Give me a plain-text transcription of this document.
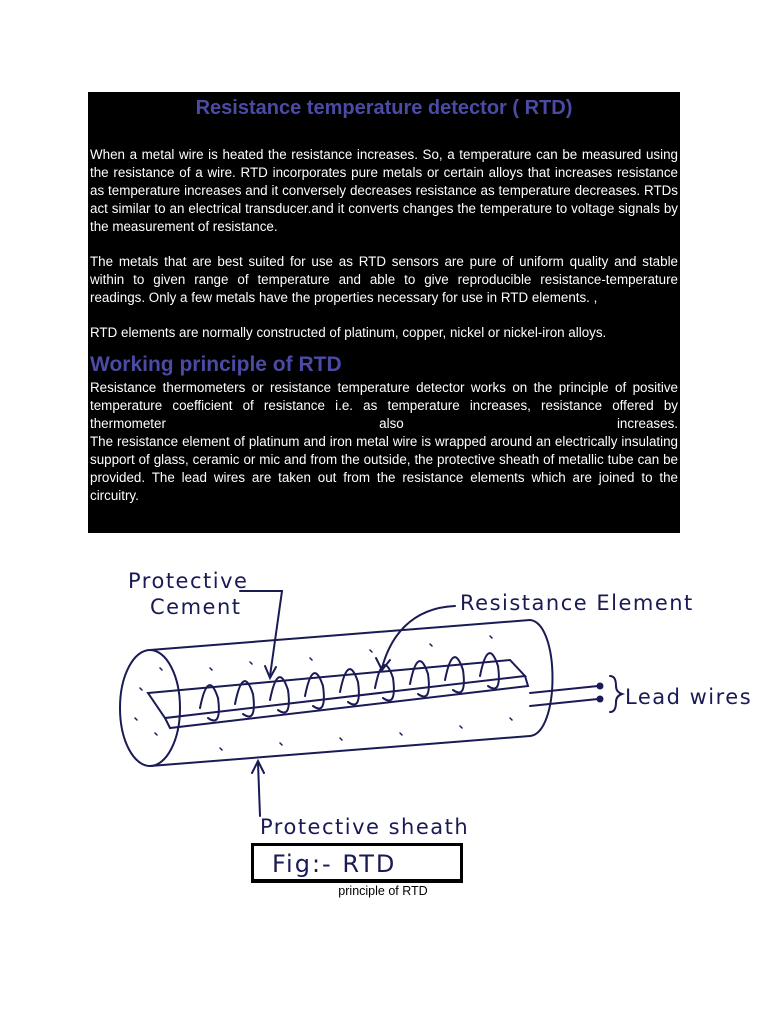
Resistance temperature detector ( RTD)

When a metal wire is heated the resistance increases. So, a temperature can be measured using the resistance of a wire. RTD incorporates pure metals or certain alloys that increases resistance as temperature increases and it conversely decreases resistance as temperature decreases. RTDs act similar to an electrical transducer.and it converts changes the temperature to voltage signals by the measurement of resistance.

The metals that are best suited for use as RTD sensors are pure of uniform quality and stable within to given range of temperature and able to give reproducible resistance-temperature readings. Only a few metals have the properties necessary for use in RTD elements. ,

RTD elements are normally constructed of platinum, copper, nickel or nickel-iron alloys.

Working principle of RTD

Resistance thermometers or resistance temperature detector works on the principle of positive temperature coefficient of resistance i.e. as temperature increases, resistance offered by thermometer also increases.

The resistance element of platinum and iron metal wire is wrapped around an electrically insulating support of glass, ceramic or mic and from the outside, the protective sheath of metallic tube can be provided. The lead wires are taken out from the resistance elements which are joined to the circuitry.

Protective
Cement	Resistance Element
Lead wires
Protective sheath
Fig:- RTD
principle of RTD
